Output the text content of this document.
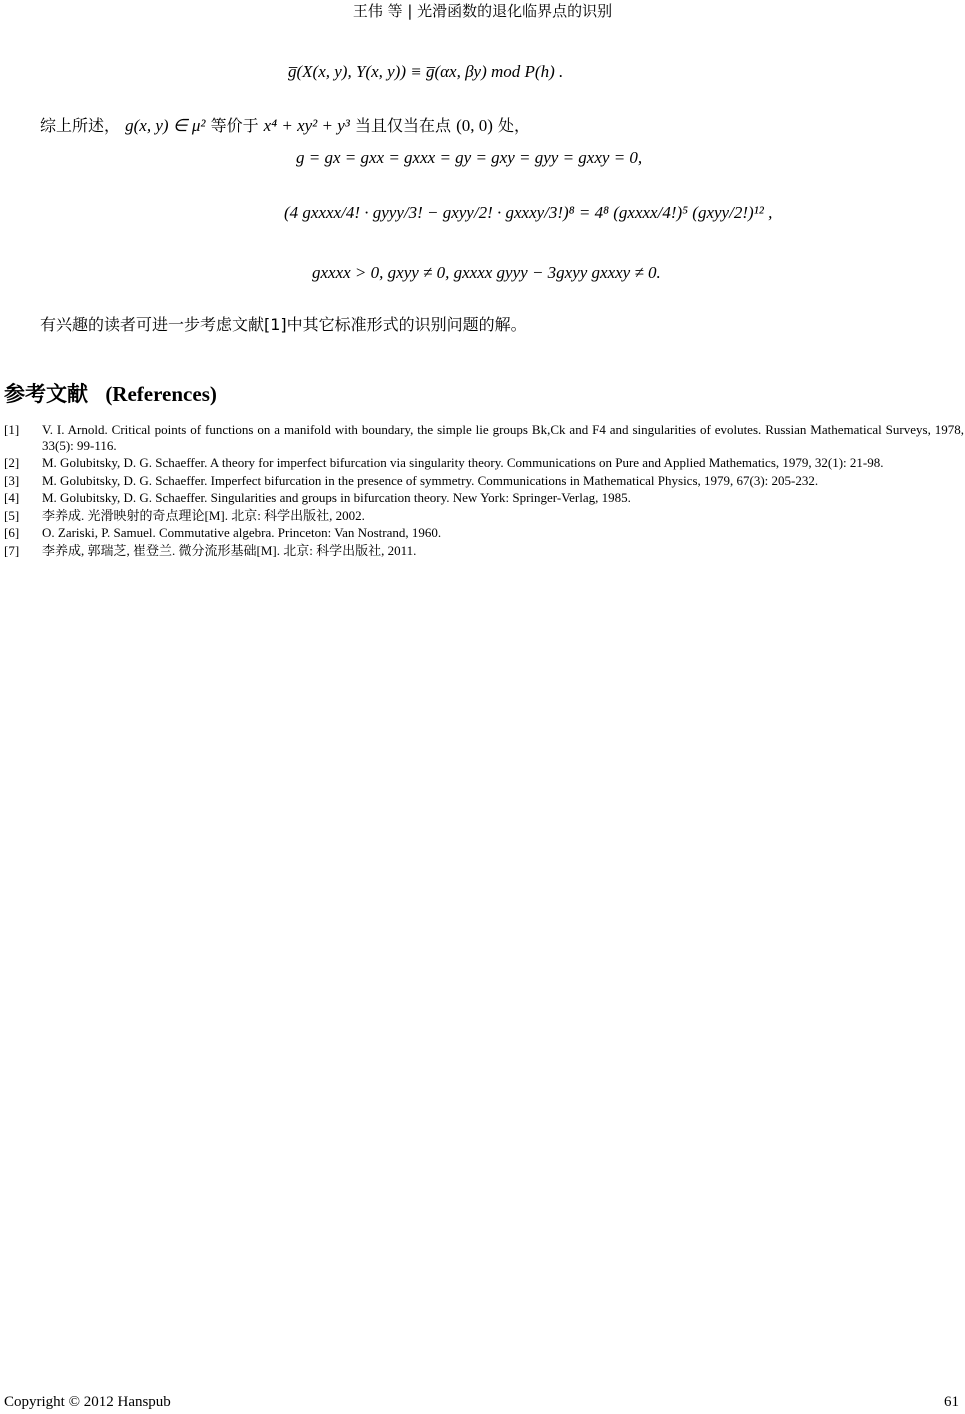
王伟 等 | 光滑函数的退化临界点的识别
g̅(X(x, y), Y(x, y)) ≡ g̅(αx, βy) mod P(h) .
综上所述， g(x, y) ∈ μ² 等价于 x⁴ + xy² + y³ 当且仅当在点 (0, 0) 处，
g = gx = gxx = gxxx = gy = gxy = gyy = gxxy = 0,
(4 gxxxx/4! · gyyy/3! − gxyy/2! · gxxxy/3!)⁸ = 4⁸ (gxxxx/4!)⁵ (gxyy/2!)¹² ,
gxxxx > 0, gxyy ≠ 0, gxxxx gyyy − 3gxyy gxxxy ≠ 0.
有兴趣的读者可进一步考虑文献[1]中其它标准形式的识别问题的解。
参考文献 (References)
[1]	V. I. Arnold. Critical points of functions on a manifold with boundary, the simple lie groups Bk,Ck and F4 and singularities of evolutes. Russian Mathematical Surveys, 1978, 33(5): 99-116.
[2]	M. Golubitsky, D. G. Schaeffer. A theory for imperfect bifurcation via singularity theory. Communications on Pure and Applied Mathematics, 1979, 32(1): 21-98.
[3]	M. Golubitsky, D. G. Schaeffer. Imperfect bifurcation in the presence of symmetry. Communications in Mathematical Physics, 1979, 67(3): 205-232.
[4]	M. Golubitsky, D. G. Schaeffer. Singularities and groups in bifurcation theory. New York: Springer-Verlag, 1985.
[5]	李养成. 光滑映射的奇点理论[M]. 北京: 科学出版社, 2002.
[6]	O. Zariski, P. Samuel. Commutative algebra. Princeton: Van Nostrand, 1960.
[7]	李养成, 郭瑞芝, 崔登兰. 微分流形基础[M]. 北京: 科学出版社, 2011.
Copyright © 2012 Hanspub	61
